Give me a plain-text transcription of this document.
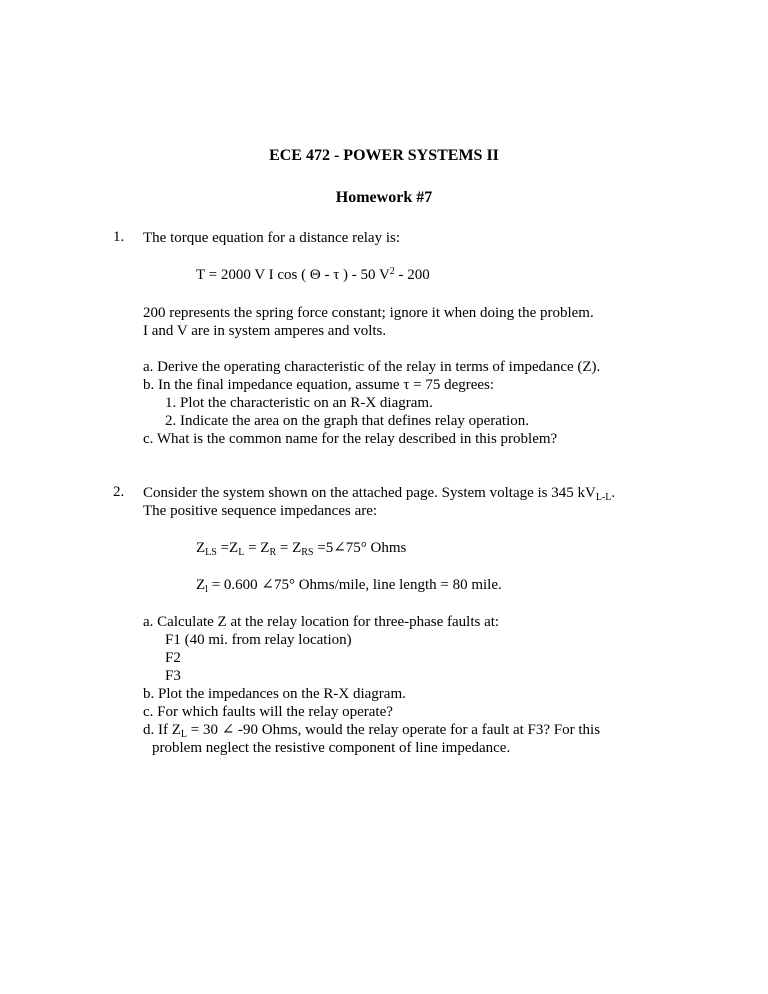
ECE 472 - POWER SYSTEMS II
Homework #7
1. The torque equation for a distance relay is:
T = 2000 V I cos ( Θ - τ ) - 50 $V^2 - 200$
200 represents the spring force constant; ignore it when doing the problem.
I and V are in system amperes and volts.
a. Derive the operating characteristic of the relay in terms of impedance (Z).
b. In the final impedance equation, assume τ = 75 degrees:
1. Plot the characteristic on an R-X diagram.
2. Indicate the area on the graph that defines relay operation.
c. What is the common name for the relay described in this problem?
2. Consider the system shown on the attached page. System voltage is 345 $kV_{L-L}$.
The positive sequence impedances are:
$Z_{LS} =Z_L = Z_R = Z_{RS}$ =5∠75° Ohms
$Z_l = 0.600$ ∠75° Ohms/mile, line length = 80 mile.
a. Calculate Z at the relay location for three-phase faults at:
F1 (40 mi. from relay location)
F2
F3
b. Plot the impedances on the R-X diagram.
c. For which faults will the relay operate?
d. If $Z_L = 30$ ∠ -90 Ohms, would the relay operate for a fault at F3? For this
problem neglect the resistive component of line impedance.
